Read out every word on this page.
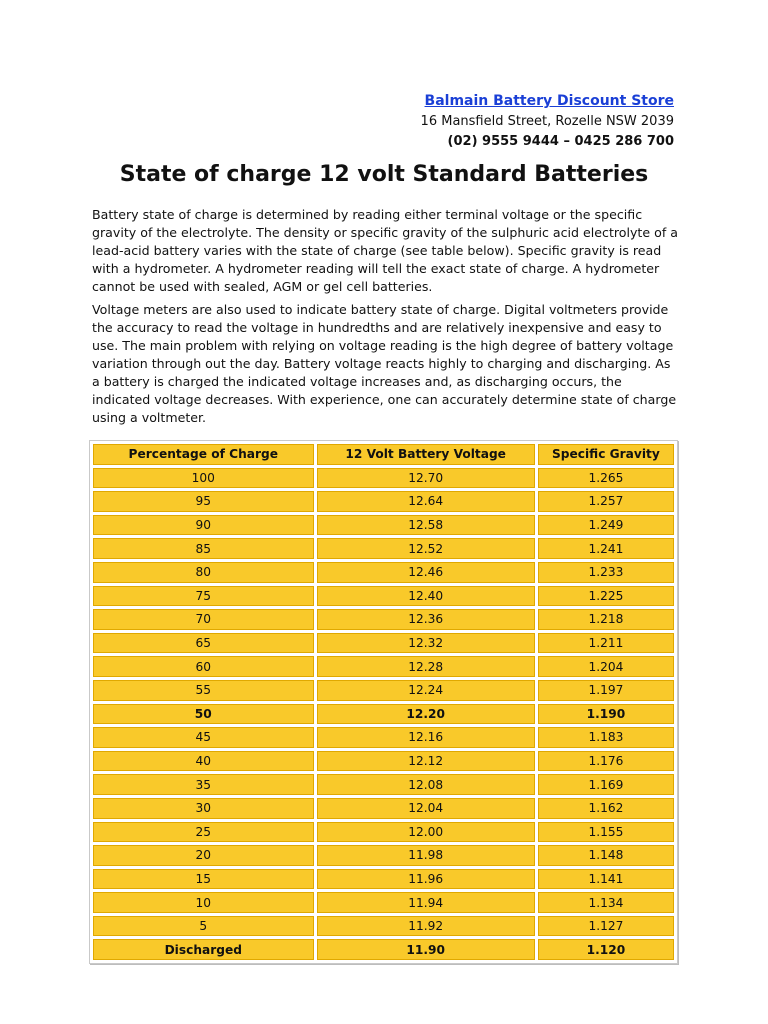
Balmain Battery Discount Store
16 Mansfield Street, Rozelle NSW 2039
(02) 9555 9444 – 0425 286 700
State of charge 12 volt Standard Batteries

Battery state of charge is determined by reading either terminal voltage or the specific gravity of the electrolyte. The density or specific gravity of the sulphuric acid electrolyte of a lead-acid battery varies with the state of charge (see table below). Specific gravity is read with a hydrometer. A hydrometer reading will tell the exact state of charge. A hydrometer cannot be used with sealed, AGM or gel cell batteries.

Voltage meters are also used to indicate battery state of charge. Digital voltmeters provide the accuracy to read the voltage in hundredths and are relatively inexpensive and easy to use. The main problem with relying on voltage reading is the high degree of battery voltage variation through out the day. Battery voltage reacts highly to charging and discharging. As a battery is charged the indicated voltage increases and, as discharging occurs, the indicated voltage decreases. With experience, one can accurately determine state of charge using a voltmeter.

Percentage of Charge	12 Volt Battery Voltage	Specific Gravity
100	12.70	1.265
95	12.64	1.257
90	12.58	1.249
85	12.52	1.241
80	12.46	1.233
75	12.40	1.225
70	12.36	1.218
65	12.32	1.211
60	12.28	1.204
55	12.24	1.197
50	12.20	1.190
45	12.16	1.183
40	12.12	1.176
35	12.08	1.169
30	12.04	1.162
25	12.00	1.155
20	11.98	1.148
15	11.96	1.141
10	11.94	1.134
5	11.92	1.127
Discharged	11.90	1.120
